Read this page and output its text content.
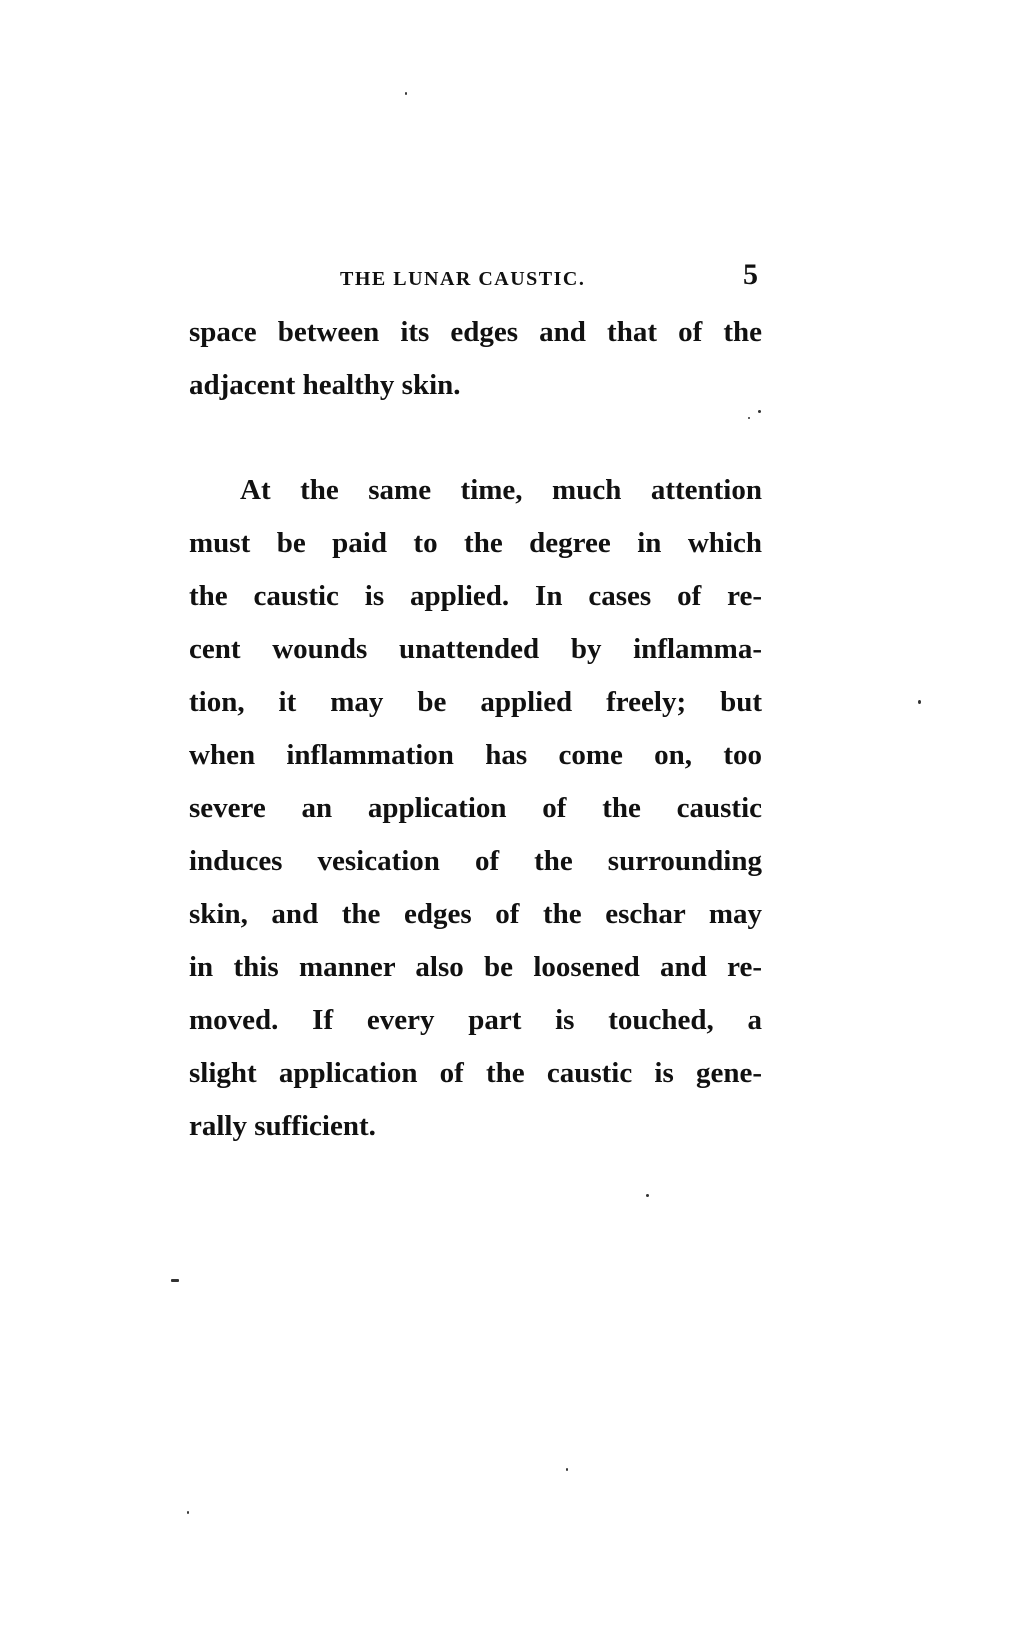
THE LUNAR CAUSTIC.	5
space between its edges and that of the
adjacent healthy skin.
At the same time, much attention
must be paid to the degree in which
the caustic is applied. In cases of re-
cent wounds unattended by inflamma-
tion, it may be applied freely; but
when inflammation has come on, too
severe an application of the caustic
induces vesication of the surrounding
skin, and the edges of the eschar may
in this manner also be loosened and re-
moved. If every part is touched, a
slight application of the caustic is gene-
rally sufficient.
